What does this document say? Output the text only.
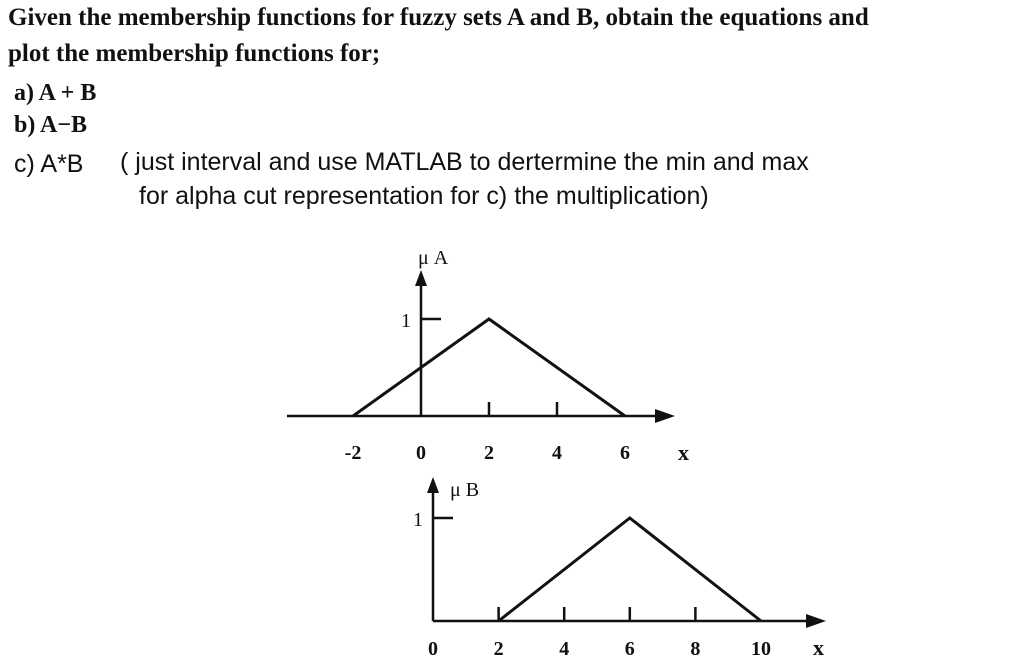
Given the membership functions for fuzzy sets A and B, obtain the equations and
plot the membership functions for;
a) A + B
b) A−B
c) A*B ( just interval and use MATLAB to dertermine the min and max
for alpha cut representation for c) the multiplication)
1
-2	0	2	4	6
μ A
x
1
0	2	4	6	8	10
μ B
x
